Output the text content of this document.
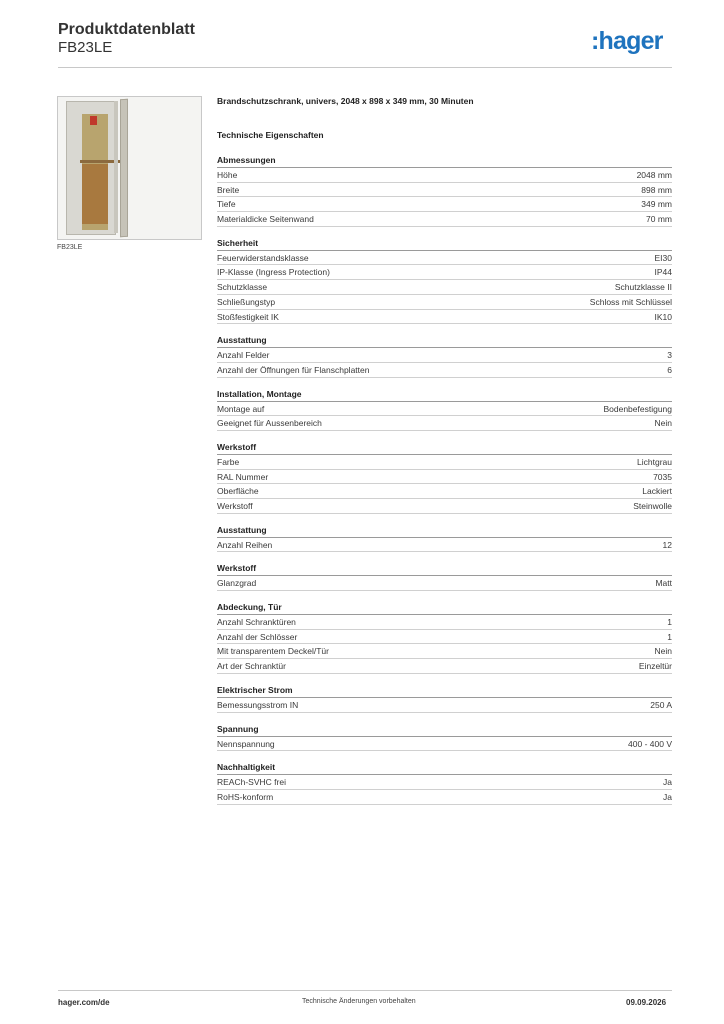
Produktdatenblatt
FB23LE	:hager
FB23LE
Brandschutzschrank, univers, 2048 x 898 x 349 mm, 30 Minuten
Technische Eigenschaften
Abmessungen
Höhe	2048 mm
Breite	898 mm
Tiefe	349 mm
Materialdicke Seitenwand	70 mm
Sicherheit
Feuerwiderstandsklasse	EI30
IP-Klasse (Ingress Protection)	IP44
Schutzklasse	Schutzklasse II
Schließungstyp	Schloss mit Schlüssel
Stoßfestigkeit IK	IK10
Ausstattung
Anzahl Felder	3
Anzahl der Öffnungen für Flanschplatten	6
Installation, Montage
Montage auf	Bodenbefestigung
Geeignet für Aussenbereich	Nein
Werkstoff
Farbe	Lichtgrau
RAL Nummer	7035
Oberfläche	Lackiert
Werkstoff	Steinwolle
Ausstattung
Anzahl Reihen	12
Werkstoff
Glanzgrad	Matt
Abdeckung, Tür
Anzahl Schranktüren	1
Anzahl der Schlösser	1
Mit transparentem Deckel/Tür	Nein
Art der Schranktür	Einzeltür
Elektrischer Strom
Bemessungsstrom IN	250 A
Spannung
Nennspannung	400 - 400 V
Nachhaltigkeit
REACh-SVHC frei	Ja
RoHS-konform	Ja
hager.com/de	Technische Änderungen vorbehalten	09.09.2026
